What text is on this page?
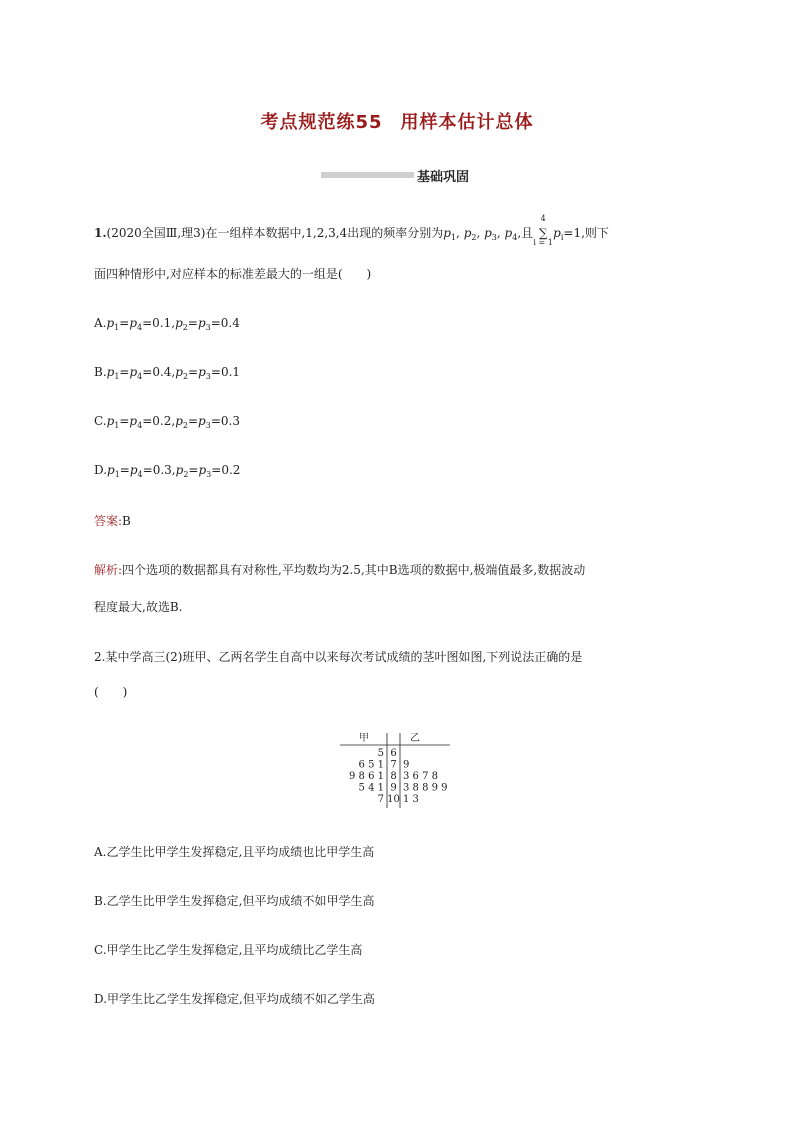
考点规范练55 用样本估计总体
基础巩固
1.(2020全国Ⅲ,理3)在一组样本数据中,1,2,3,4出现的频率分别为$p_1$, $p_2$, $p_3$, $p_4$,且
4
∑
i = 1
$p_i=1$,则下
面四种情形中,对应样本的标准差最大的一组是(　　)
$A.p_1=p_4=0.1,p_2=p_3=0.4$
$B.p_1=p_4=0.4,p_2=p_3=0.1$
$C.p_1=p_4=0.2,p_2=p_3=0.3$
$D.p_1=p_4=0.3,p_2=p_3=0.2$
答案:B
解析:四个选项的数据都具有对称性,平均数均为2.5,其中B选项的数据中,极端值最多,数据波动
程度最大,故选B.
2.某中学高三(2)班甲、乙两名学生自高中以来每次考试成绩的茎叶图如图,下列说法正确的是
(　　)
甲	乙
5 6
6 5 1 7 9
9 8 6 1 8 3 6 7 8
5 4 1 9 3 8 8 9 9
7 10 1 3
A.乙学生比甲学生发挥稳定,且平均成绩也比甲学生高
B.乙学生比甲学生发挥稳定,但平均成绩不如甲学生高
C.甲学生比乙学生发挥稳定,且平均成绩比乙学生高
D.甲学生比乙学生发挥稳定,但平均成绩不如乙学生高
